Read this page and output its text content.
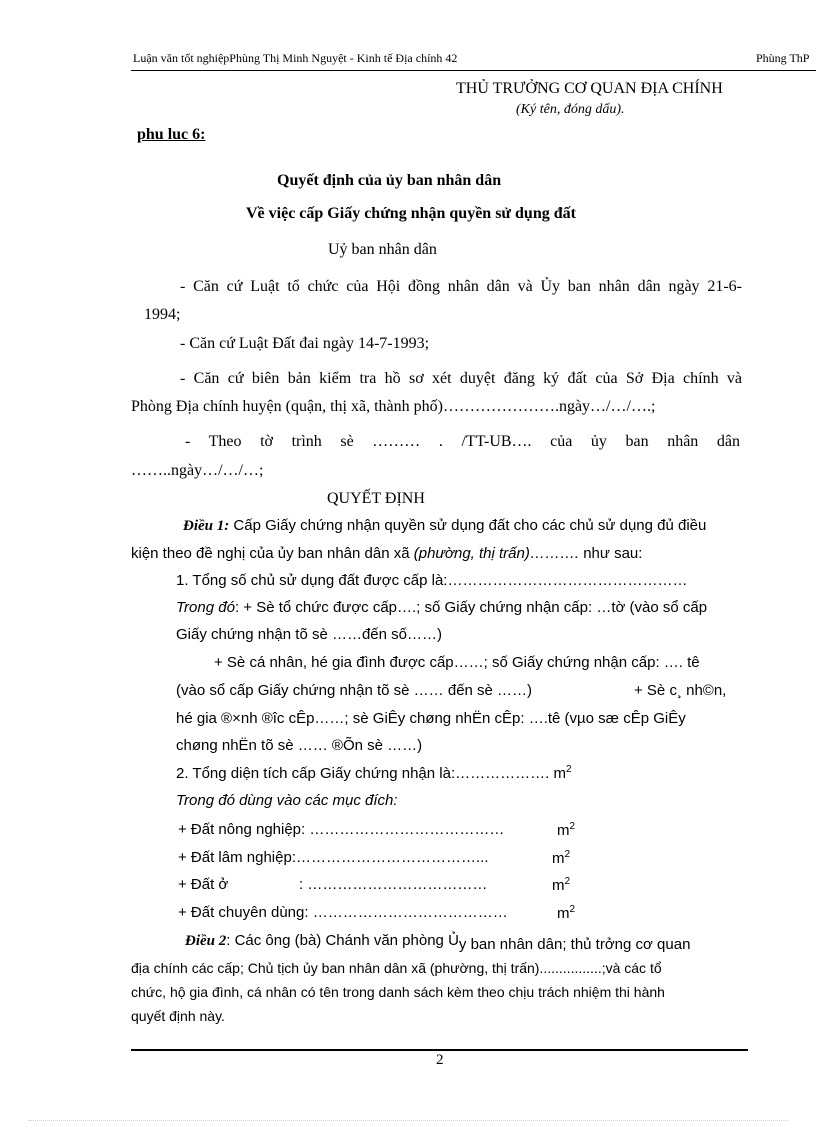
Luận văn tốt nghiệpPhùng Thị Minh Nguyệt - Kinh tế Địa chính 42	Phùng ThP
THỦ TRƯỞNG CƠ QUAN ĐỊA CHÍNH
(Ký tên, đóng dấu).
phu luc 6:
Quyết định của ủy ban nhân dân
Về việc cấp Giấy chứng nhận quyền sử dụng đất
Uỷ ban nhân dân
- Căn cứ Luật tổ chức của Hội đồng nhân dân và Ủy ban nhân dân ngày 21-6-
1994;
- Căn cứ Luật Đất đai ngày 14-7-1993;
- Căn cứ biên bản kiểm tra hồ sơ xét duyệt đăng ký đất của Sở Địa chính và
Phòng Địa chính huyện (quận, thị xã, thành phố)………………….ngày…/…/….;
- Theo tờ trình sè ……… . /TT-UB…. của ủy ban nhân dân
……..ngày…/…/…;
QUYẾT ĐỊNH
Điều 1: Cấp Giấy chứng nhận quyền sử dụng đất cho các chủ sử dụng đủ điều
kiện theo đề nghị của ủy ban nhân dân xã (phường, thị trấn)………. như sau:
1. Tổng số chủ sử dụng đất được cấp là:…………………………………………
Trong đó: + Sè tổ chức được cấp….; số Giấy chứng nhận cấp: …tờ (vào sổ cấp
Giấy chứng nhận tõ sè ……đến số……)
+ Sè cá nhân, hé gia đình được cấp……; số Giấy chứng nhận cấp: …. tê
(vào sổ cấp Giấy chứng nhận tõ sè …… đến sè ……)	+ Sè c¸ nh©n,
hé gia ®×nh ®îc cÊp……; sè GiÊy chøng nhËn cÊp: ….tê (vµo sæ cÊp GiÊy
chøng nhËn tõ sè …… ®Õn sè ……)
2. Tổng diện tích cấp Giấy chứng nhận là:………………. $m^2$
Trong đó dùng vào các mục đích:
+ Đất nông nghiệp: …………………………………	$m^2$
+ Đất lâm nghiệp:………………………………...	$m^2$
+ Đất ở	: ………………………………	$m^2$
+ Đất chuyên dùng: …………………………………	$m^2$
Điều 2: Các ông (bà) Chánh văn phòng Ủy ban nhân dân; thủ trởng cơ quan
địa chính các cấp; Chủ tịch ủy ban nhân dân xã (phường, thị trấn)................;và các tổ
chức, hộ gia đình, cá nhân có tên trong danh sách kèm theo chịu trách nhiệm thi hành
quyết định này.
2
